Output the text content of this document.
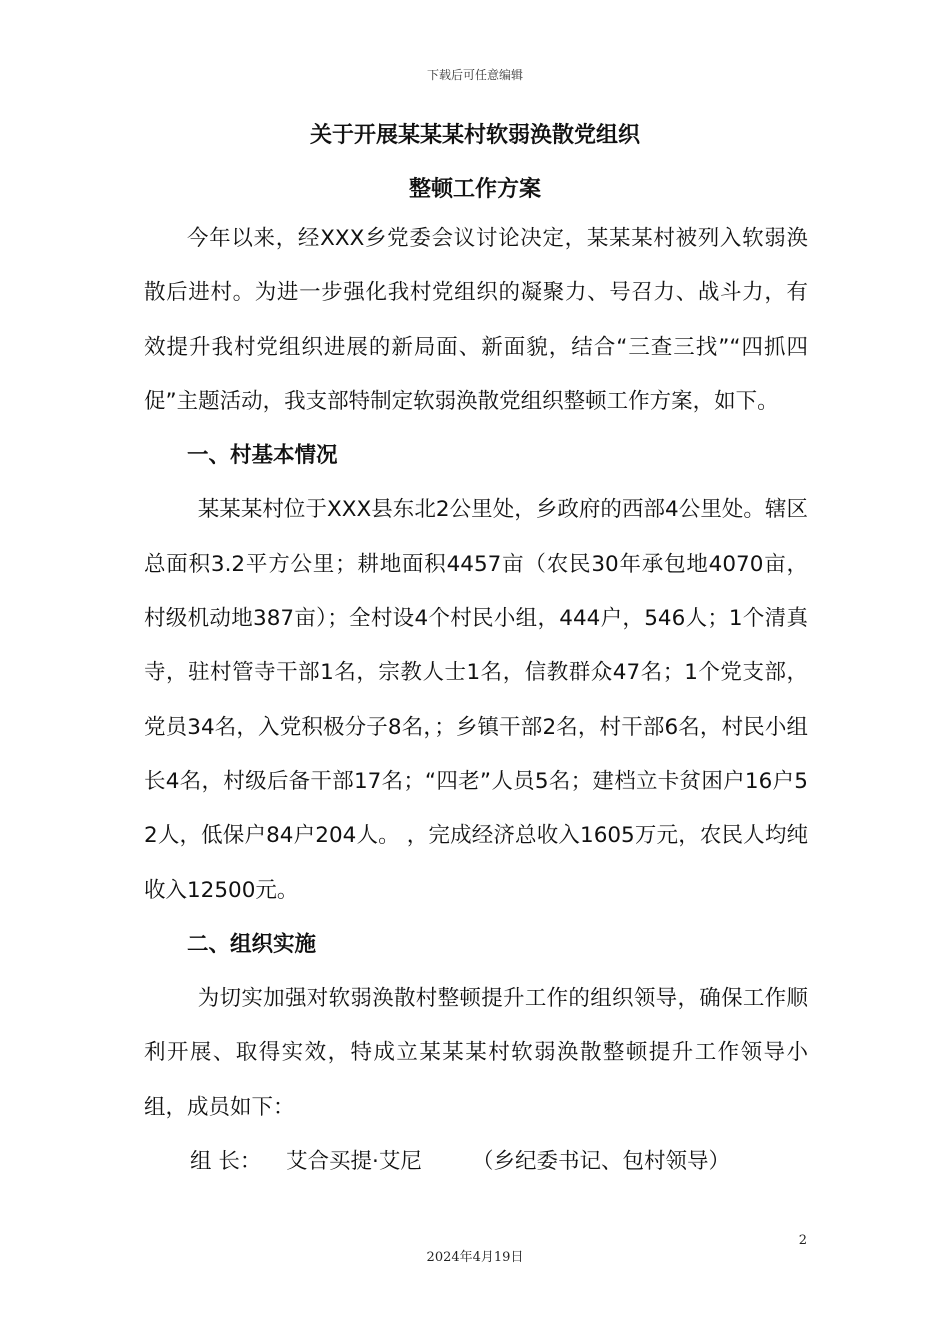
下载后可任意编辑
关于开展某某某村软弱涣散党组织
整顿工作方案

今年以来，经XXX乡党委会议讨论决定，某某某村被列入软弱涣散后进村。为进一步强化我村党组织的凝聚力、号召力、战斗力，有效提升我村党组织进展的新局面、新面貌，结合“三查三找”“四抓四促”主题活动，我支部特制定软弱涣散党组织整顿工作方案，如下。

一、村基本情况

某某某村位于XXX县东北2公里处，乡政府的西部4公里处。辖区总面积3.2平方公里；耕地面积4457亩（农民30年承包地4070亩，村级机动地387亩）；全村设4个村民小组，444户，546人；1个清真寺，驻村管寺干部1名，宗教人士1名，信教群众47名；1个党支部，党员34名，入党积极分子8名，；乡镇干部2名，村干部6名，村民小组长4名，村级后备干部17名；“四老”人员5名；建档立卡贫困户16户52人，低保户84户204人。 ，完成经济总收入1605万元，农民人均纯收入12500元。

二、组织实施

为切实加强对软弱涣散村整顿提升工作的组织领导，确保工作顺利开展、取得实效，特成立某某某村软弱涣散整顿提升工作领导小组，成员如下：

组 长： 艾合买提·艾尼 （乡纪委书记、包村领导）

2
2024年4月19日
